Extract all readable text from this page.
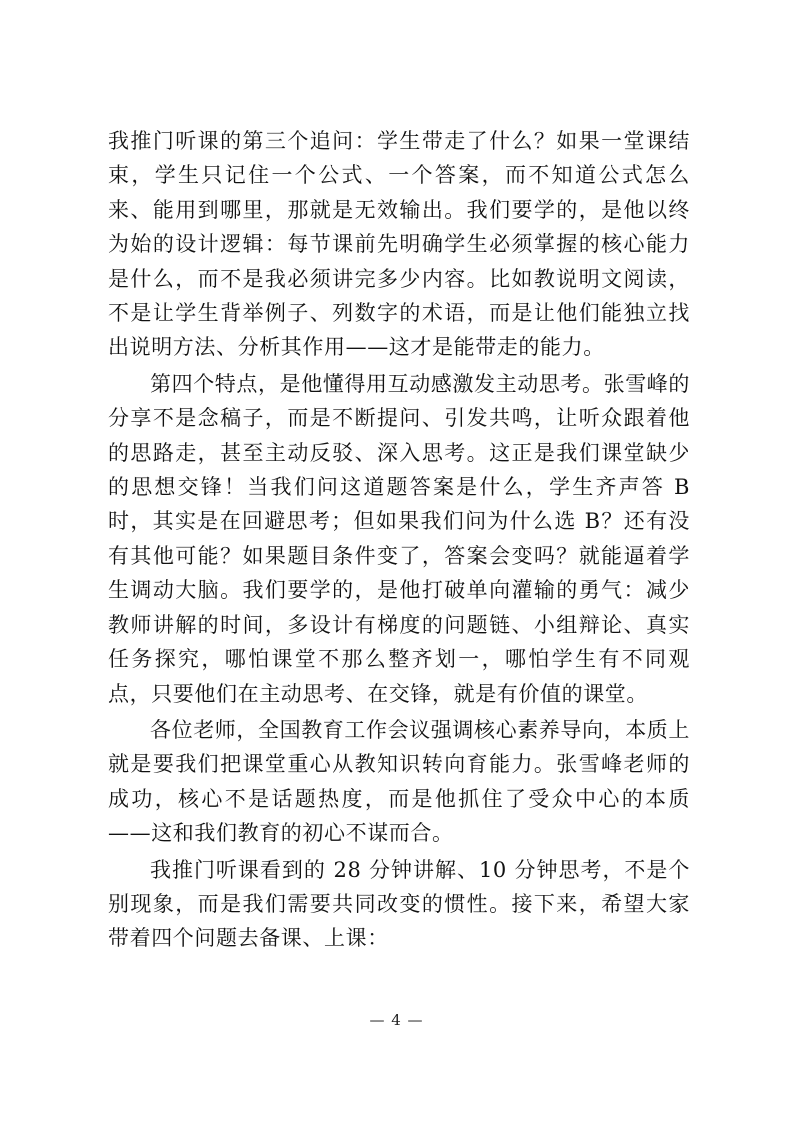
我推门听课的第三个追问：学生带走了什么？如果一堂课结束，学生只记住一个公式、一个答案，而不知道公式怎么来、能用到哪里，那就是无效输出。我们要学的，是他以终为始的设计逻辑：每节课前先明确学生必须掌握的核心能力是什么，而不是我必须讲完多少内容。比如教说明文阅读，不是让学生背举例子、列数字的术语，而是让他们能独立找出说明方法、分析其作用——这才是能带走的能力。

第四个特点，是他懂得用互动感激发主动思考。张雪峰的分享不是念稿子，而是不断提问、引发共鸣，让听众跟着他的思路走，甚至主动反驳、深入思考。这正是我们课堂缺少的思想交锋！当我们问这道题答案是什么，学生齐声答 B 时，其实是在回避思考；但如果我们问为什么选 B？还有没有其他可能？如果题目条件变了，答案会变吗？就能逼着学生调动大脑。我们要学的，是他打破单向灌输的勇气：减少教师讲解的时间，多设计有梯度的问题链、小组辩论、真实任务探究，哪怕课堂不那么整齐划一，哪怕学生有不同观点，只要他们在主动思考、在交锋，就是有价值的课堂。

各位老师，全国教育工作会议强调核心素养导向，本质上就是要我们把课堂重心从教知识转向育能力。张雪峰老师的成功，核心不是话题热度，而是他抓住了受众中心的本质——这和我们教育的初心不谋而合。

我推门听课看到的 28 分钟讲解、10 分钟思考，不是个别现象，而是我们需要共同改变的惯性。接下来，希望大家带着四个问题去备课、上课：

— 4 —
